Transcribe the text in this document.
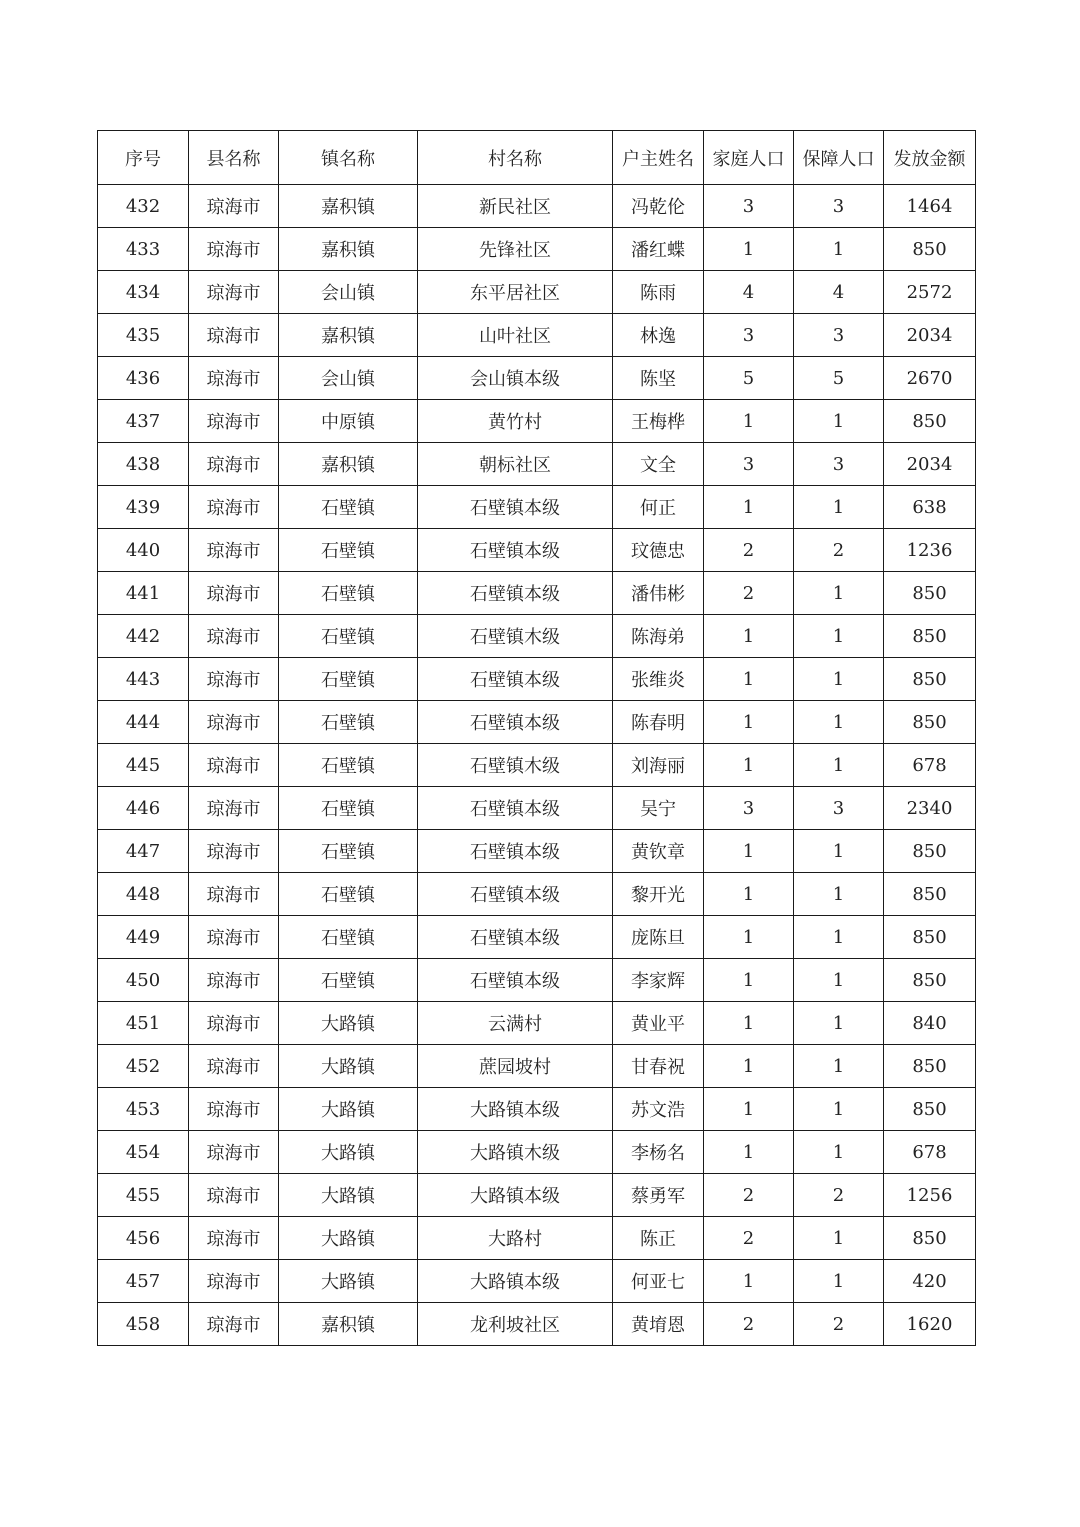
序号	县名称	镇名称	村名称	户主姓名	家庭人口	保障人口	发放金额
432	琼海市	嘉积镇	新民社区	冯乾伦	3	3	1464
433	琼海市	嘉积镇	先锋社区	潘红蝶	1	1	850
434	琼海市	会山镇	东平居社区	陈雨	4	4	2572
435	琼海市	嘉积镇	山叶社区	林逸	3	3	2034
436	琼海市	会山镇	会山镇本级	陈坚	5	5	2670
437	琼海市	中原镇	黄竹村	王梅桦	1	1	850
438	琼海市	嘉积镇	朝标社区	文全	3	3	2034
439	琼海市	石壁镇	石壁镇本级	何正	1	1	638
440	琼海市	石壁镇	石壁镇本级	玟德忠	2	2	1236
441	琼海市	石壁镇	石壁镇本级	潘伟彬	2	1	850
442	琼海市	石壁镇	石壁镇木级	陈海弟	1	1	850
443	琼海市	石壁镇	石壁镇本级	张维炎	1	1	850
444	琼海市	石壁镇	石壁镇本级	陈春明	1	1	850
445	琼海市	石壁镇	石壁镇木级	刘海丽	1	1	678
446	琼海市	石壁镇	石壁镇本级	吴宁	3	3	2340
447	琼海市	石壁镇	石壁镇本级	黄钦章	1	1	850
448	琼海市	石壁镇	石壁镇本级	黎开光	1	1	850
449	琼海市	石壁镇	石壁镇本级	庞陈旦	1	1	850
450	琼海市	石壁镇	石壁镇本级	李家辉	1	1	850
451	琼海市	大路镇	云满村	黄业平	1	1	840
452	琼海市	大路镇	蔗园坡村	甘春祝	1	1	850
453	琼海市	大路镇	大路镇本级	苏文浩	1	1	850
454	琼海市	大路镇	大路镇木级	李杨名	1	1	678
455	琼海市	大路镇	大路镇本级	蔡勇军	2	2	1256
456	琼海市	大路镇	大路村	陈正	2	1	850
457	琼海市	大路镇	大路镇本级	何亚七	1	1	420
458	琼海市	嘉积镇	龙利坡社区	黄堉恩	2	2	1620
